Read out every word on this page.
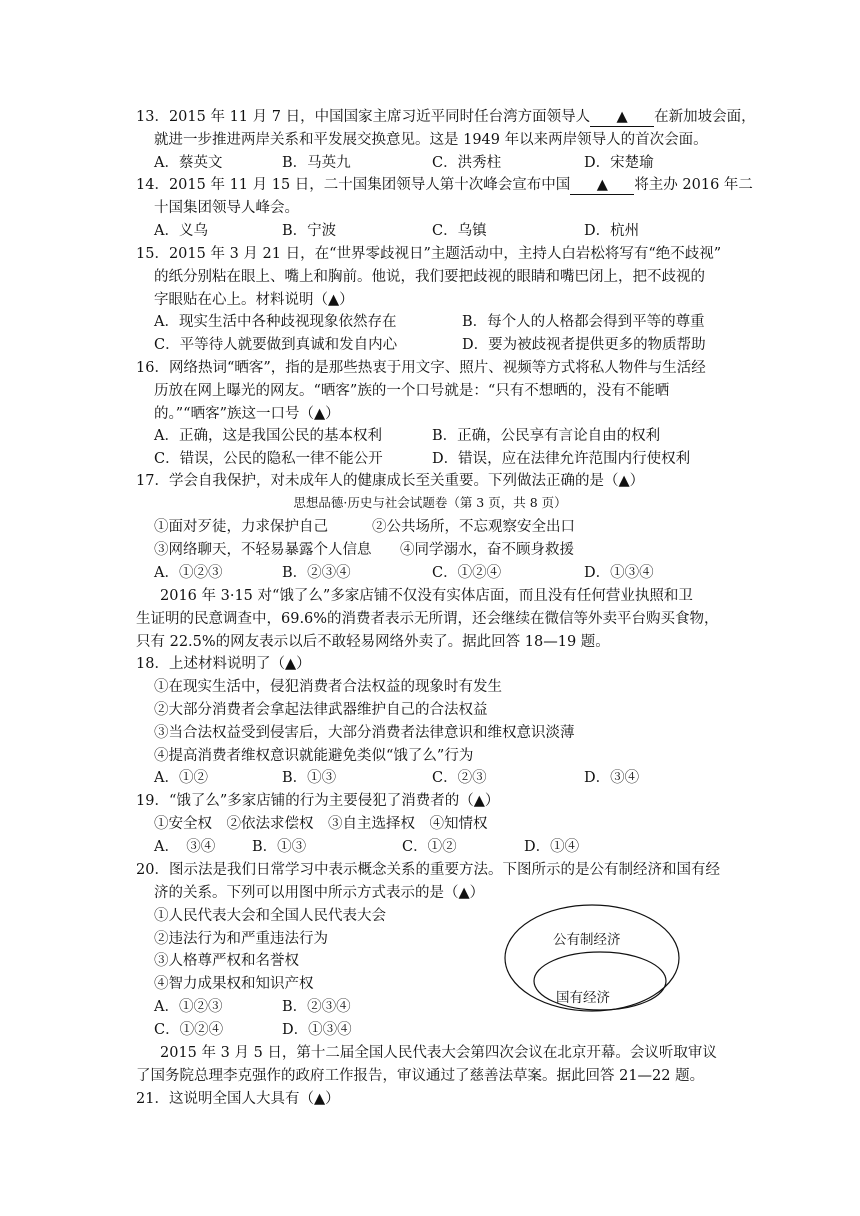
13．2015 年 11 月 7 日，中国国家主席习近平同时任台湾方面领导人 ▲ 在新加坡会面，
就进一步推进两岸关系和平发展交换意见。这是 1949 年以来两岸领导人的首次会面。
A．蔡英文	B．马英九	C．洪秀柱	D．宋楚瑜
14．2015 年 11 月 15 日，二十国集团领导人第十次峰会宣布中国 ▲ 将主办 2016 年二
十国集团领导人峰会。
A．义乌	B．宁波	C．乌镇	D．杭州
15．2015 年 3 月 21 日，在“世界零歧视日”主题活动中，主持人白岩松将写有“绝不歧视”
的纸分别粘在眼上、嘴上和胸前。他说，我们要把歧视的眼睛和嘴巴闭上，把不歧视的
字眼贴在心上。材料说明（▲）
A．现实生活中各种歧视现象依然存在	B．每个人的人格都会得到平等的尊重
C．平等待人就要做到真诚和发自内心	D．要为被歧视者提供更多的物质帮助
16．网络热词“晒客”，指的是那些热衷于用文字、照片、视频等方式将私人物件与生活经
历放在网上曝光的网友。“晒客”族的一个口号就是：“只有不想晒的，没有不能晒
的。”“晒客”族这一口号（▲）
A．正确，这是我国公民的基本权利	B．正确，公民享有言论自由的权利
C．错误，公民的隐私一律不能公开	D．错误，应在法律允许范围内行使权利
17．学会自我保护，对未成年人的健康成长至关重要。下列做法正确的是（▲）
思想品德·历史与社会试题卷（第 3 页，共 8 页）
①面对歹徒，力求保护自己	②公共场所，不忘观察安全出口
③网络聊天，不轻易暴露个人信息 ④同学溺水，奋不顾身救援
A．①②③	B．②③④	C．①②④	D．①③④
2016 年 3·15 对“饿了么”多家店铺不仅没有实体店面，而且没有任何营业执照和卫
生证明的民意调查中，69.6%的消费者表示无所谓，还会继续在微信等外卖平台购买食物，
只有 22.5%的网友表示以后不敢轻易网络外卖了。据此回答 18—19 题。
18．上述材料说明了（▲）
①在现实生活中，侵犯消费者合法权益的现象时有发生
②大部分消费者会拿起法律武器维护自己的合法权益
③当合法权益受到侵害后，大部分消费者法律意识和维权意识淡薄
④提高消费者维权意识就能避免类似“饿了么”行为
A．①②	B．①③	C．②③	D．③④
19．“饿了么”多家店铺的行为主要侵犯了消费者的（▲）
①安全权　②依法求偿权　③自主选择权　④知情权
A．　③④	B．①③	C．①②	D．①④
20．图示法是我们日常学习中表示概念关系的重要方法。下图所示的是公有制经济和国有经
济的关系。下列可以用图中所示方式表示的是（▲）
①人民代表大会和全国人民代表大会
②违法行为和严重违法行为
③人格尊严权和名誉权
④智力成果权和知识产权
A．①②③	B．②③④
C．①②④	D．①③④
公有制经济
国有经济
2015 年 3 月 5 日，第十二届全国人民代表大会第四次会议在北京开幕。会议听取审议
了国务院总理李克强作的政府工作报告，审议通过了慈善法草案。据此回答 21—22 题。
21．这说明全国人大具有（▲）
